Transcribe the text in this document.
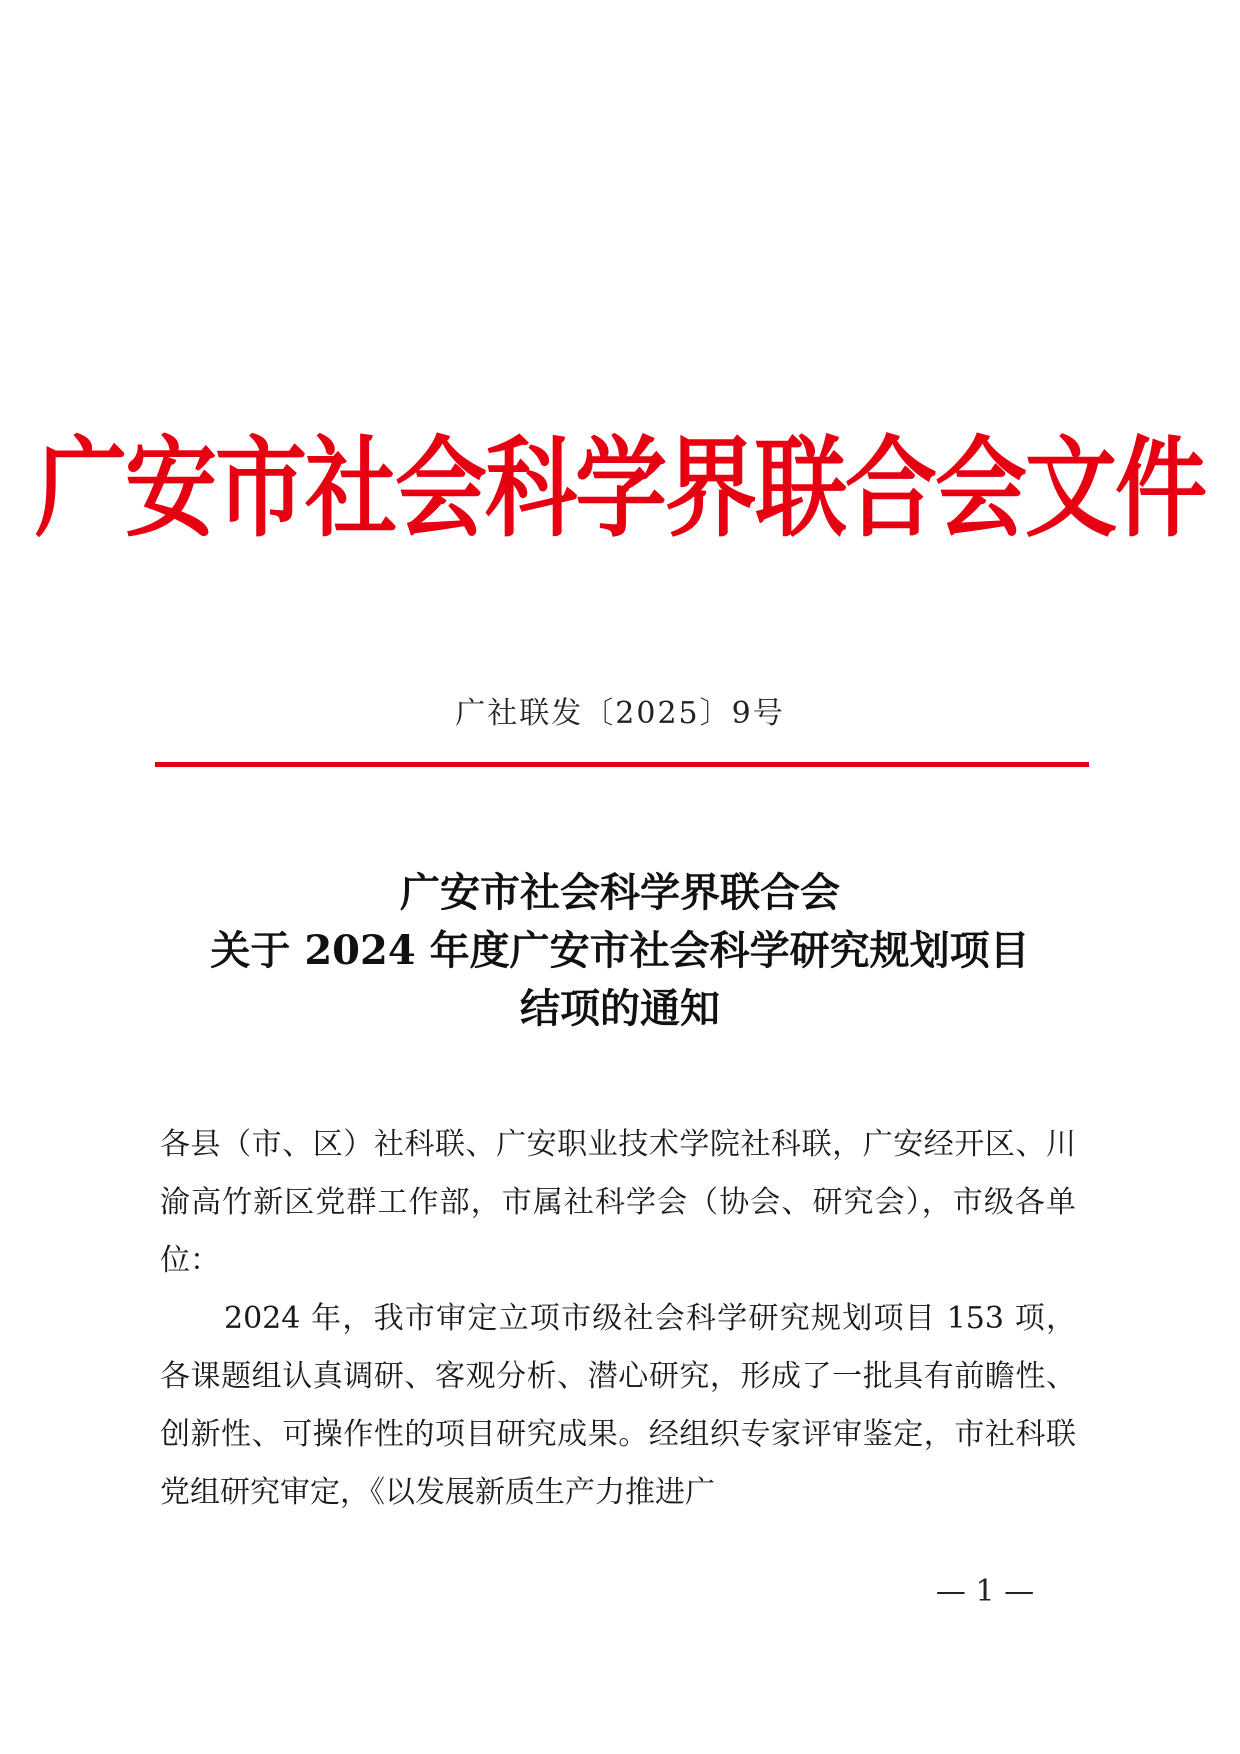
广安市社会科学界联合会文件
广社联发〔2025〕9号
广安市社会科学界联合会
关于 2024 年度广安市社会科学研究规划项目
结项的通知

各县（市、区）社科联、广安职业技术学院社科联，广安经开区、川渝高竹新区党群工作部，市属社科学会（协会、研究会），市级各单位：

2024 年，我市审定立项市级社会科学研究规划项目 153 项，各课题组认真调研、客观分析、潜心研究，形成了一批具有前瞻性、创新性、可操作性的项目研究成果。经组织专家评审鉴定，市社科联党组研究审定，《以发展新质生产力推进广

— 1 —
